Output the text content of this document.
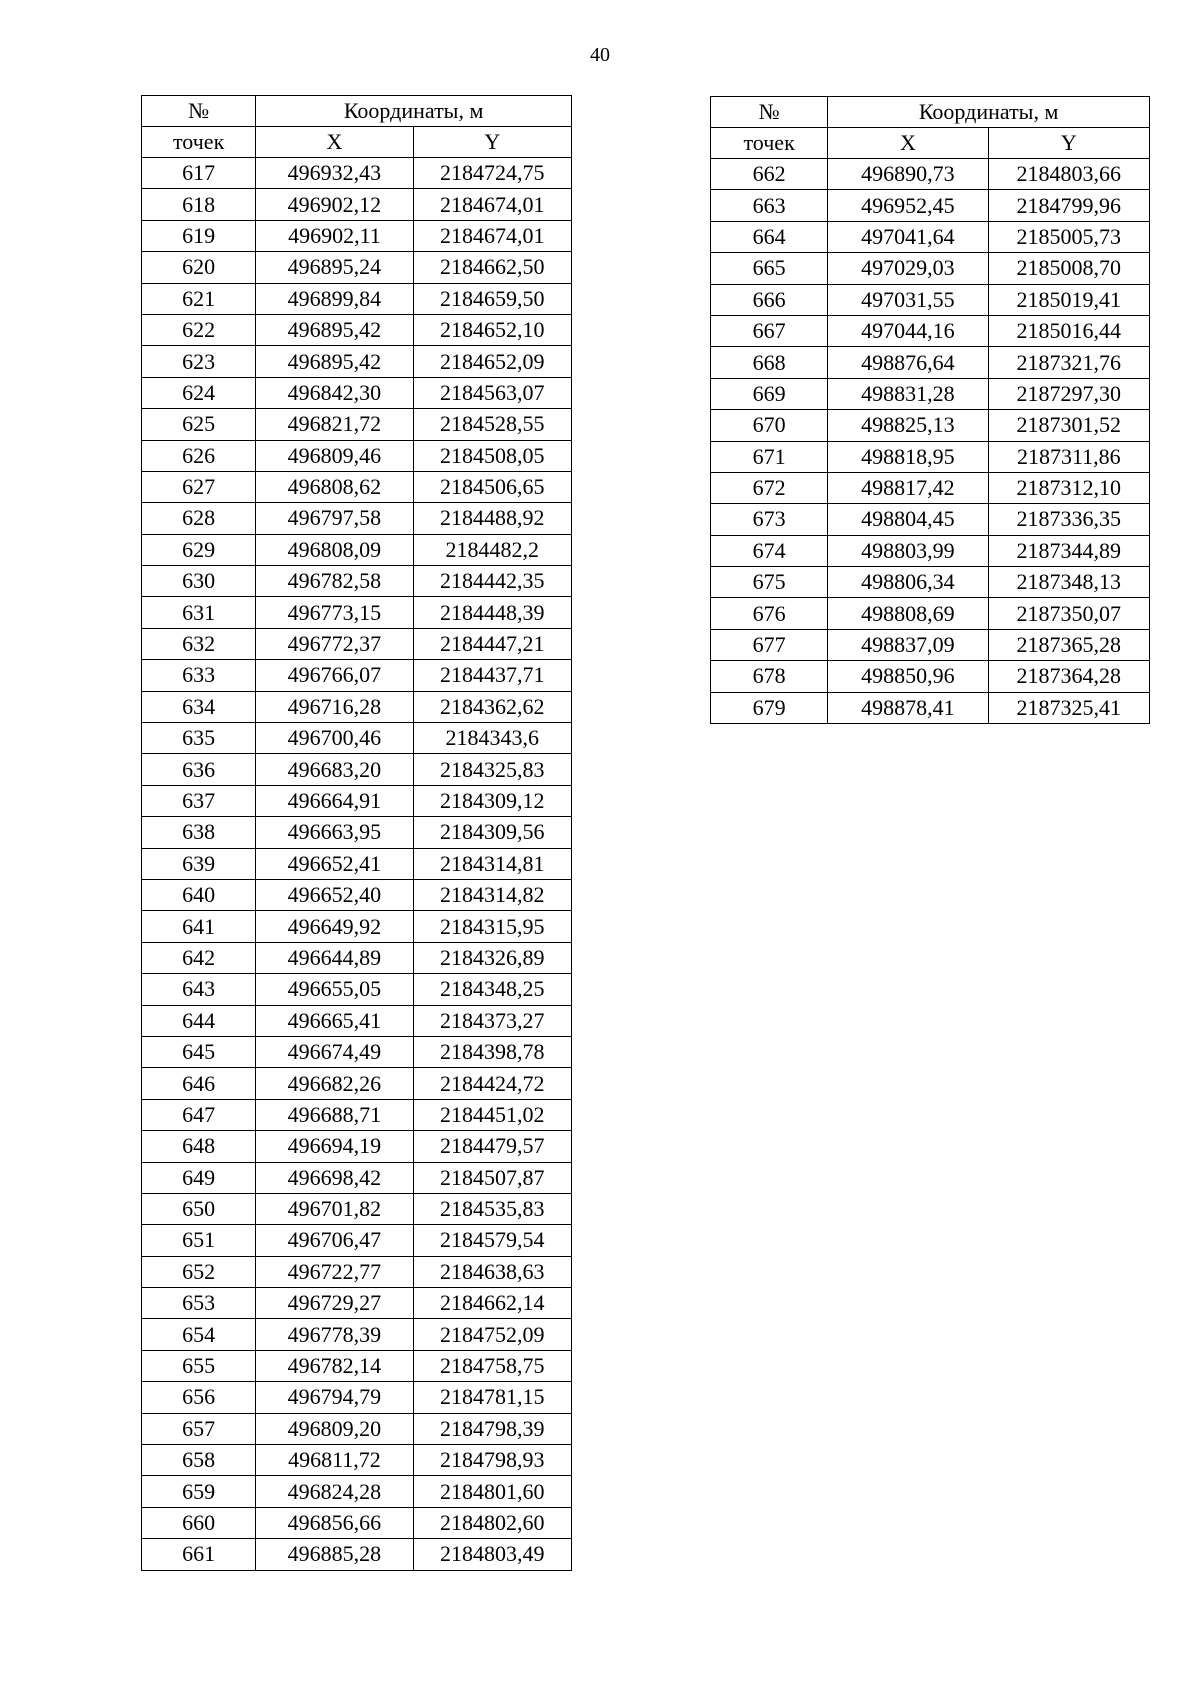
40
№	Координаты, м	
точек	X	Y
617	496932,43	2184724,75
618	496902,12	2184674,01
619	496902,11	2184674,01
620	496895,24	2184662,50
621	496899,84	2184659,50
622	496895,42	2184652,10
623	496895,42	2184652,09
624	496842,30	2184563,07
625	496821,72	2184528,55
626	496809,46	2184508,05
627	496808,62	2184506,65
628	496797,58	2184488,92
629	496808,09	2184482,2
630	496782,58	2184442,35
631	496773,15	2184448,39
632	496772,37	2184447,21
633	496766,07	2184437,71
634	496716,28	2184362,62
635	496700,46	2184343,6
636	496683,20	2184325,83
637	496664,91	2184309,12
638	496663,95	2184309,56
639	496652,41	2184314,81
640	496652,40	2184314,82
641	496649,92	2184315,95
642	496644,89	2184326,89
643	496655,05	2184348,25
644	496665,41	2184373,27
645	496674,49	2184398,78
646	496682,26	2184424,72
647	496688,71	2184451,02
648	496694,19	2184479,57
649	496698,42	2184507,87
650	496701,82	2184535,83
651	496706,47	2184579,54
652	496722,77	2184638,63
653	496729,27	2184662,14
654	496778,39	2184752,09
655	496782,14	2184758,75
656	496794,79	2184781,15
657	496809,20	2184798,39
658	496811,72	2184798,93
659	496824,28	2184801,60
660	496856,66	2184802,60
661	496885,28	2184803,49
№	Координаты, м	
точек	X	Y
662	496890,73	2184803,66
663	496952,45	2184799,96
664	497041,64	2185005,73
665	497029,03	2185008,70
666	497031,55	2185019,41
667	497044,16	2185016,44
668	498876,64	2187321,76
669	498831,28	2187297,30
670	498825,13	2187301,52
671	498818,95	2187311,86
672	498817,42	2187312,10
673	498804,45	2187336,35
674	498803,99	2187344,89
675	498806,34	2187348,13
676	498808,69	2187350,07
677	498837,09	2187365,28
678	498850,96	2187364,28
679	498878,41	2187325,41
